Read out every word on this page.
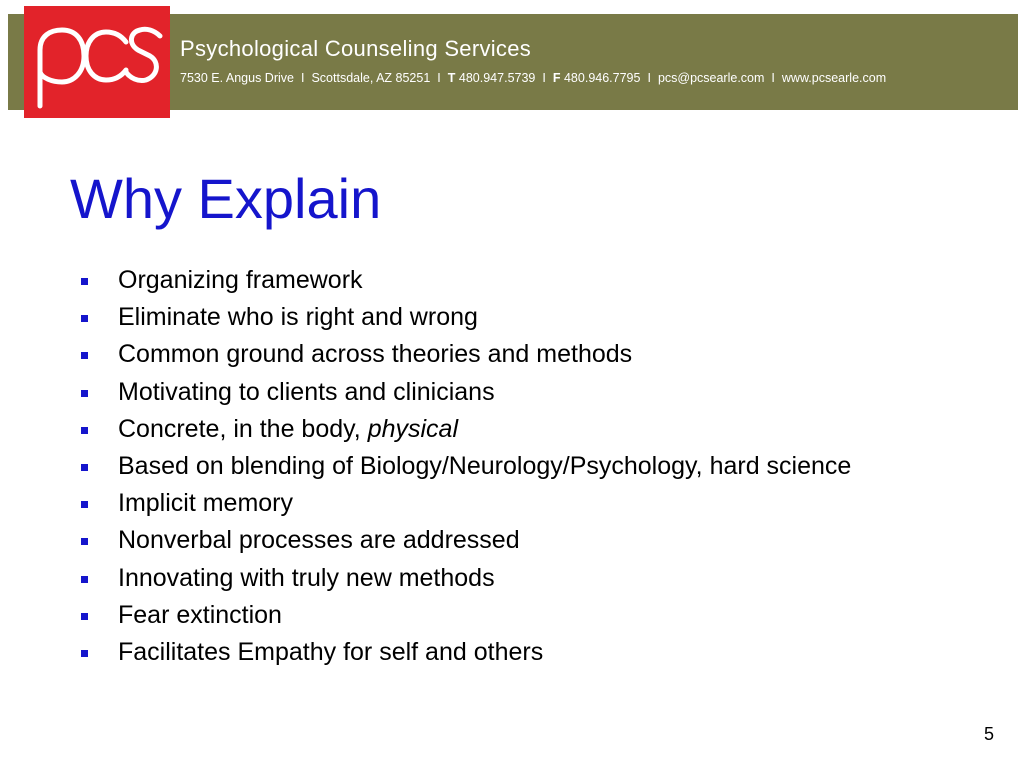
Psychological Counseling Services
7530 E. Angus Drive I Scottsdale, AZ 85251 I T 480.947.5739 I F 480.946.7795 I pcs@pcsearle.com I www.pcsearle.com
Why Explain
Organizing framework
Eliminate who is right and wrong
Common ground across theories and methods
Motivating to clients and clinicians
Concrete, in the body, physical
Based on blending of Biology/Neurology/Psychology, hard science
Implicit memory
Nonverbal processes are addressed
Innovating with truly new methods
Fear extinction
Facilitates Empathy for self and others
5
